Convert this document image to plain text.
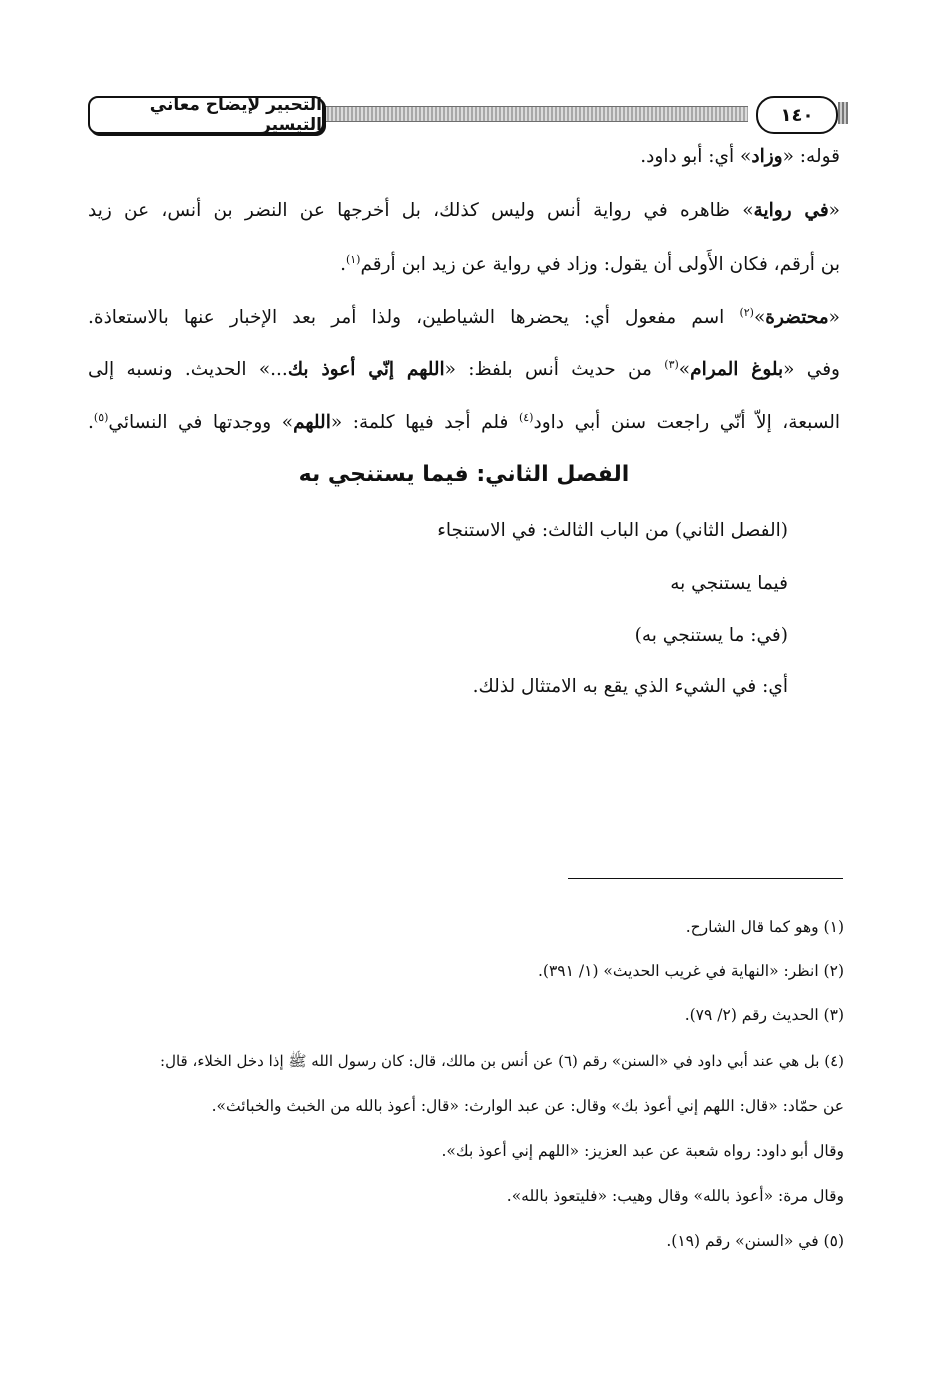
التحبير لإيضاح معاني التيسير	١٤٠
قوله: «وزاد» أي: أبو داود.
«في رواية» ظاهره في رواية أنس وليس كذلك، بل أخرجها عن النضر بن أنس، عن زيد
بن أرقم، فكان الأَولى أن يقول: وزاد في رواية عن زيد ابن أرقم$^{(١)}$.
«محتضرة»$^{(٢)}$ اسم مفعول أي: يحضرها الشياطين، ولذا أمر بعد الإخبار عنها بالاستعاذة.
وفي «بلوغ المرام»$^{(٣)}$ من حديث أنس بلفظ: «اللهم إنّي أعوذ بك...» الحديث. ونسبه إلى
السبعة، إلاّ أنّي راجعت سنن أبي داود$^{(٤)}$ فلم أجد فيها كلمة: «اللهم» ووجدتها في النسائي$^{(٥)}$.
الفصل الثاني: فيما يستنجي به
(الفصل الثاني) من الباب الثالث: في الاستنجاء
فيما يستنجي به
(في: ما يستنجي به)
أي: في الشيء الذي يقع به الامتثال لذلك.
(١) وهو كما قال الشارح.
(٢) انظر: «النهاية في غريب الحديث» (١/ ٣٩١).
(٣) الحديث رقم (٢/ ٧٩).
(٤) بل هي عند أبي داود في «السنن» رقم (٦) عن أنس بن مالك، قال: كان رسول الله ﷺ إذا دخل الخلاء، قال:
عن حمّاد: «قال: اللهم إني أعوذ بك» وقال: عن عبد الوارث: «قال: أعوذ بالله من الخبث والخبائث».
وقال أبو داود: رواه شعبة عن عبد العزيز: «اللهم إني أعوذ بك».
وقال مرة: «أعوذ بالله» وقال وهيب: «فليتعوذ بالله».
(٥) في «السنن» رقم (١٩).
